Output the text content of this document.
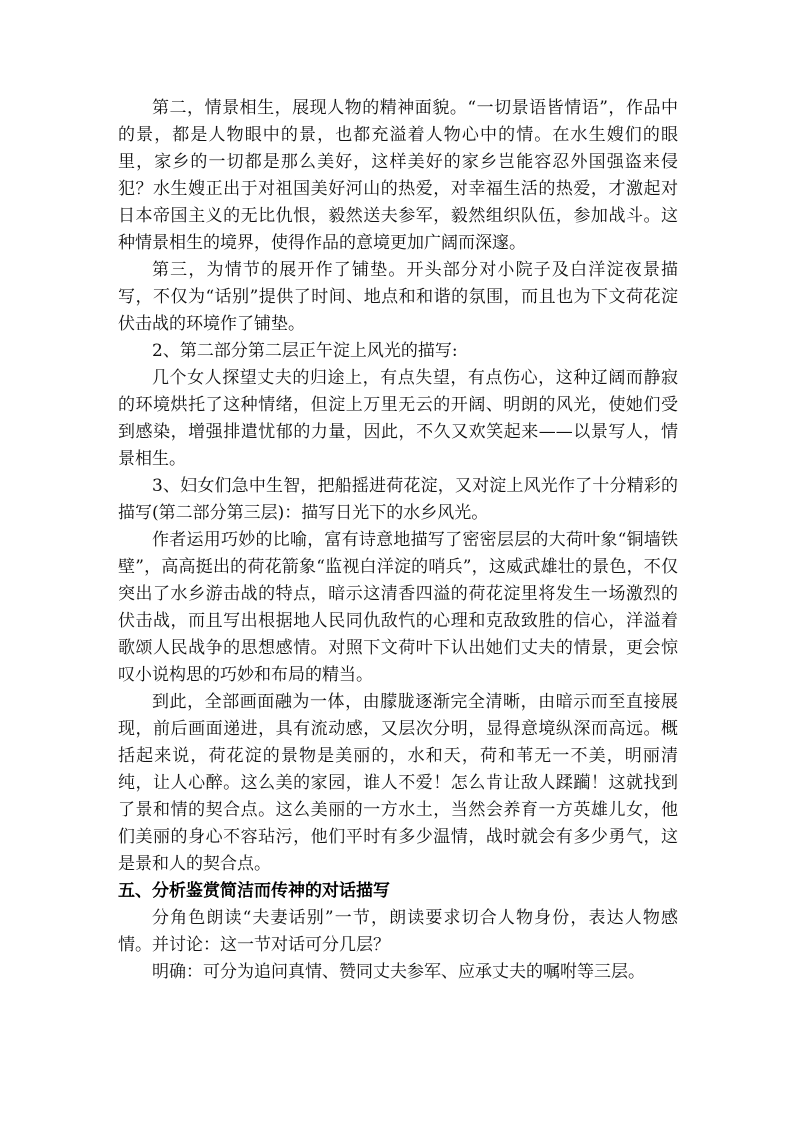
第二，情景相生，展现人物的精神面貌。“一切景语皆情语”，作品中的景，都是人物眼中的景，也都充溢着人物心中的情。在水生嫂们的眼里，家乡的一切都是那么美好，这样美好的家乡岂能容忍外国强盗来侵犯？水生嫂正出于对祖国美好河山的热爱，对幸福生活的热爱，才激起对日本帝国主义的无比仇恨，毅然送夫参军，毅然组织队伍，参加战斗。这种情景相生的境界，使得作品的意境更加广阔而深邃。

第三，为情节的展开作了铺垫。开头部分对小院子及白洋淀夜景描写，不仅为“话别”提供了时间、地点和和谐的氛围，而且也为下文荷花淀伏击战的环境作了铺垫。

2、第二部分第二层正午淀上风光的描写:

几个女人探望丈夫的归途上，有点失望，有点伤心，这种辽阔而静寂的环境烘托了这种情绪，但淀上万里无云的开阔、明朗的风光，使她们受到感染，增强排遣忧郁的力量，因此，不久又欢笑起来——以景写人，情景相生。

3、妇女们急中生智，把船摇进荷花淀，又对淀上风光作了十分精彩的描写(第二部分第三层)：描写日光下的水乡风光。

作者运用巧妙的比喻，富有诗意地描写了密密层层的大荷叶象“铜墙铁壁”，高高挺出的荷花箭象“监视白洋淀的哨兵”，这威武雄壮的景色，不仅突出了水乡游击战的特点，暗示这清香四溢的荷花淀里将发生一场激烈的伏击战，而且写出根据地人民同仇敌忾的心理和克敌致胜的信心，洋溢着歌颂人民战争的思想感情。对照下文荷叶下认出她们丈夫的情景，更会惊叹小说构思的巧妙和布局的精当。

到此，全部画面融为一体，由朦胧逐渐完全清晰，由暗示而至直接展现，前后画面递进，具有流动感，又层次分明，显得意境纵深而高远。概括起来说，荷花淀的景物是美丽的，水和天，荷和苇无一不美，明丽清纯，让人心醉。这么美的家园，谁人不爱！怎么肯让敌人蹂躏！这就找到了景和情的契合点。这么美丽的一方水土，当然会养育一方英雄儿女，他们美丽的身心不容玷污，他们平时有多少温情，战时就会有多少勇气，这是景和人的契合点。

五、分析鉴赏简洁而传神的对话描写

分角色朗读“夫妻话别”一节，朗读要求切合人物身份，表达人物感情。并讨论：这一节对话可分几层？

明确：可分为追问真情、赞同丈夫参军、应承丈夫的嘱咐等三层。
